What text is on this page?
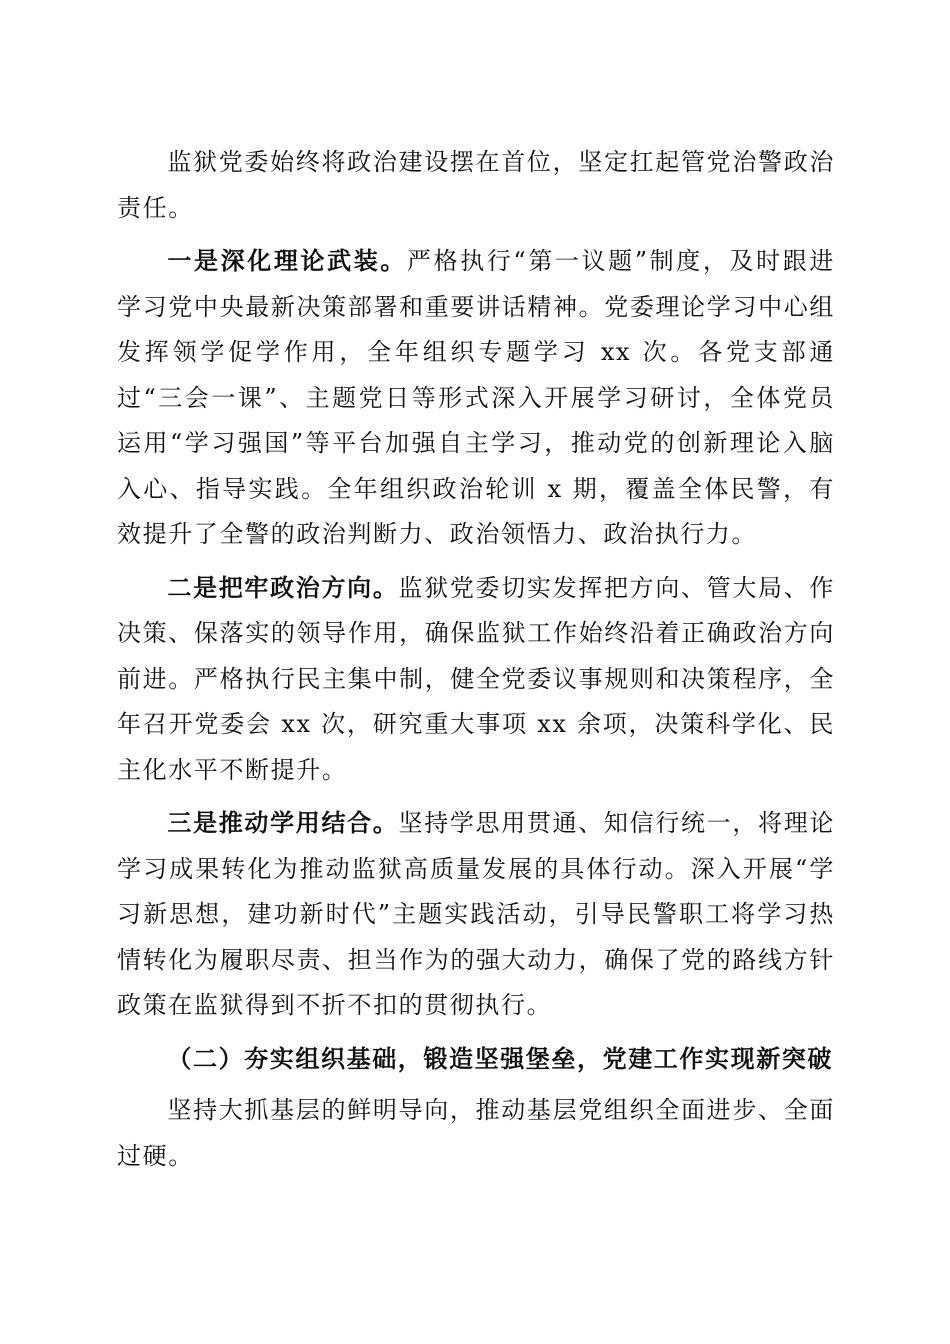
监狱党委始终将政治建设摆在首位，坚定扛起管党治警政治责任。

一是深化理论武装。严格执行“第一议题”制度，及时跟进学习党中央最新决策部署和重要讲话精神。党委理论学习中心组发挥领学促学作用，全年组织专题学习 xx 次。各党支部通过“三会一课”、主题党日等形式深入开展学习研讨，全体党员运用“学习强国”等平台加强自主学习，推动党的创新理论入脑入心、指导实践。全年组织政治轮训 x 期，覆盖全体民警，有效提升了全警的政治判断力、政治领悟力、政治执行力。

二是把牢政治方向。监狱党委切实发挥把方向、管大局、作决策、保落实的领导作用，确保监狱工作始终沿着正确政治方向前进。严格执行民主集中制，健全党委议事规则和决策程序，全年召开党委会 xx 次，研究重大事项 xx 余项，决策科学化、民主化水平不断提升。

三是推动学用结合。坚持学思用贯通、知信行统一，将理论学习成果转化为推动监狱高质量发展的具体行动。深入开展“学习新思想，建功新时代”主题实践活动，引导民警职工将学习热情转化为履职尽责、担当作为的强大动力，确保了党的路线方针政策在监狱得到不折不扣的贯彻执行。

（二）夯实组织基础，锻造坚强堡垒，党建工作实现新突破

坚持大抓基层的鲜明导向，推动基层党组织全面进步、全面过硬。
